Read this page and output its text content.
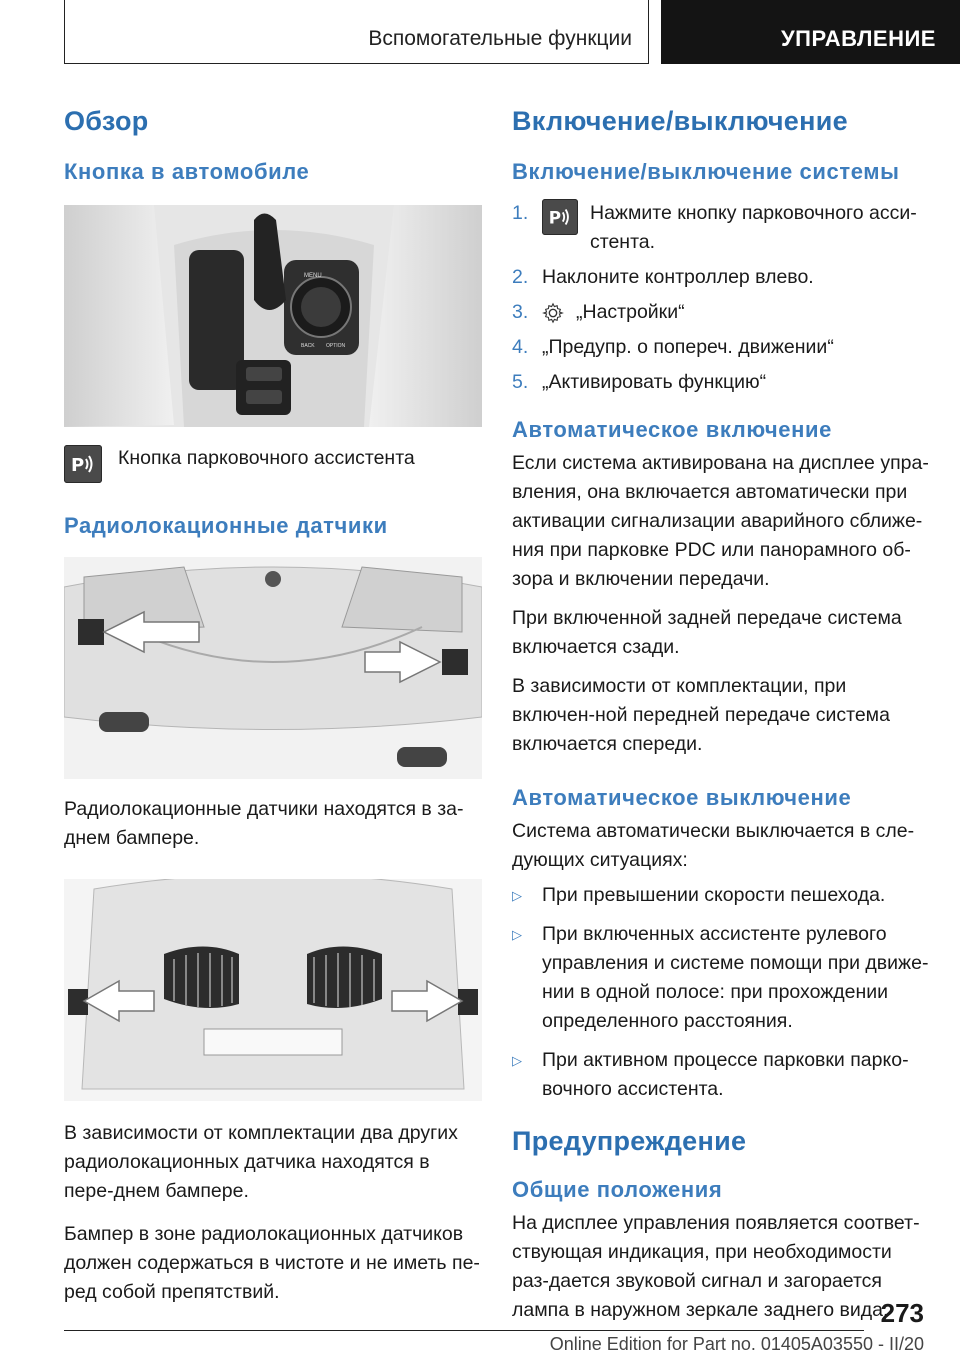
Вспомогательные функции	УПРАВЛЕНИЕ
Обзор
Кнопка в автомобиле
MENU
BACK OPTION
P Кнопка парковочного ассистента
Радиолокационные датчики

Радиолокационные датчики находятся в за-
днем бампере.

В зависимости от комплектации два других радиолокационных датчика находятся в пере-днем бампере.

Бампер в зоне радиолокационных датчиков должен содержаться в чистоте и не иметь пе-ред собой препятствий.

Включение/выключение
Включение/выключение системы
1.	P Нажмите кнопку парковочного асси-стента.
2. Наклоните контроллер влево.
3.	„Настройки“
4. „Предупр. о попереч. движении“
5. „Активировать функцию“
Автоматическое включение

Если система активирована на дисплее упра-вления, она включается автоматически при активации сигнализации аварийного сближе-ния при парковке PDC или панорамного об-зора и включении передачи.

При включенной задней передаче система включается сзади.

В зависимости от комплектации, при включен-ной передней передаче система включается спереди.

Автоматическое выключение

Система автоматически выключается в сле-дующих ситуациях:

▷	При превышении скорости пешехода.
▷	При включенных ассистенте рулевого управления и системе помощи при движе-нии в одной полосе: при прохождении определенного расстояния.
▷	При активном процессе парковки парко-вочного ассистента.
Предупреждение
Общие положения

На дисплее управления появляется соответ-ствующая индикация, при необходимости раз-дается звуковой сигнал и загорается лампа в наружном зеркале заднего вида.

273
Online Edition for Part no. 01405A03550 - II/20
